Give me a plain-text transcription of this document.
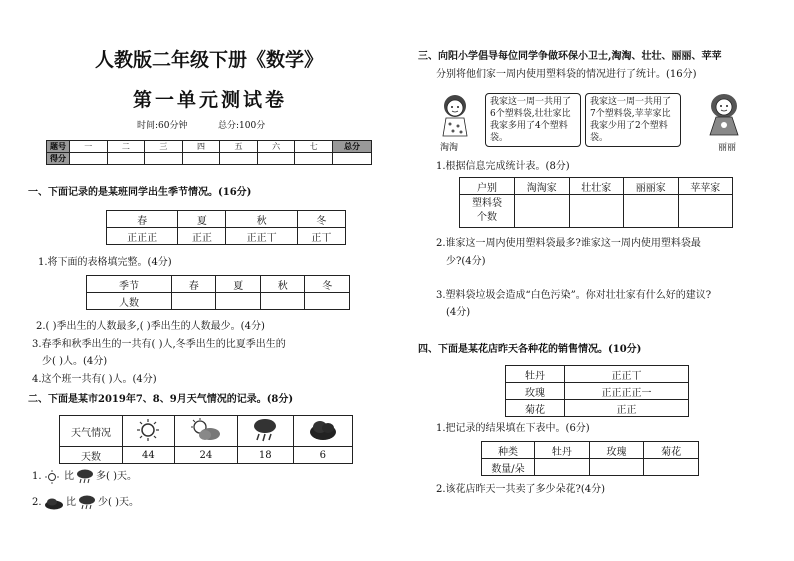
人教版二年级下册《数学》
第一单元测试卷
时间:60分钟	总分:100分
题号	一	二	三	四	五	六	七	总分
得分								
一、下面记录的是某班同学出生季节情况。(16分)
春	夏	秋	冬
正正正	正正	正正丅	正丅
1.将下面的表格填完整。(4分)
季节	春	夏	秋	冬
人数				
2.( )季出生的人数最多,( )季出生的人数最少。(4分)
3.春季和秋季出生的一共有( )人,冬季出生的比夏季出生的
少( )人。(4分)
4.这个班一共有( )人。(4分)
二、下面是某市2019年7、8、9月天气情况的记录。(8分)
天气情况				
天数	44	24	18	6
1. 比 多( )天。
2. 比 少( )天。
三、向阳小学倡导每位同学争做环保小卫士,淘淘、壮壮、丽丽、苹苹
分别将他们家一周内使用塑料袋的情况进行了统计。(16分)
淘淘
我家这一周一共用了6个塑料袋,壮壮家比我家多用了4个塑料袋。
我家这一周一共用了7个塑料袋,苹苹家比我家少用了2个塑料袋。
丽丽
1.根据信息完成统计表。(8分)
户别	淘淘家	壮壮家	丽丽家	苹苹家

塑料袋
个数				

2.谁家这一周内使用塑料袋最多?谁家这一周内使用塑料袋最
少?(4分)
3.塑料袋垃圾会造成“白色污染”。你对壮壮家有什么好的建议?
(4分)
四、下面是某花店昨天各种花的销售情况。(10分)
牡丹	正正丅
玫瑰	正正正正一
菊花	正正
1.把记录的结果填在下表中。(6分)
种类	牡丹	玫瑰	菊花
数量/朵			
2.该花店昨天一共卖了多少朵花?(4分)
